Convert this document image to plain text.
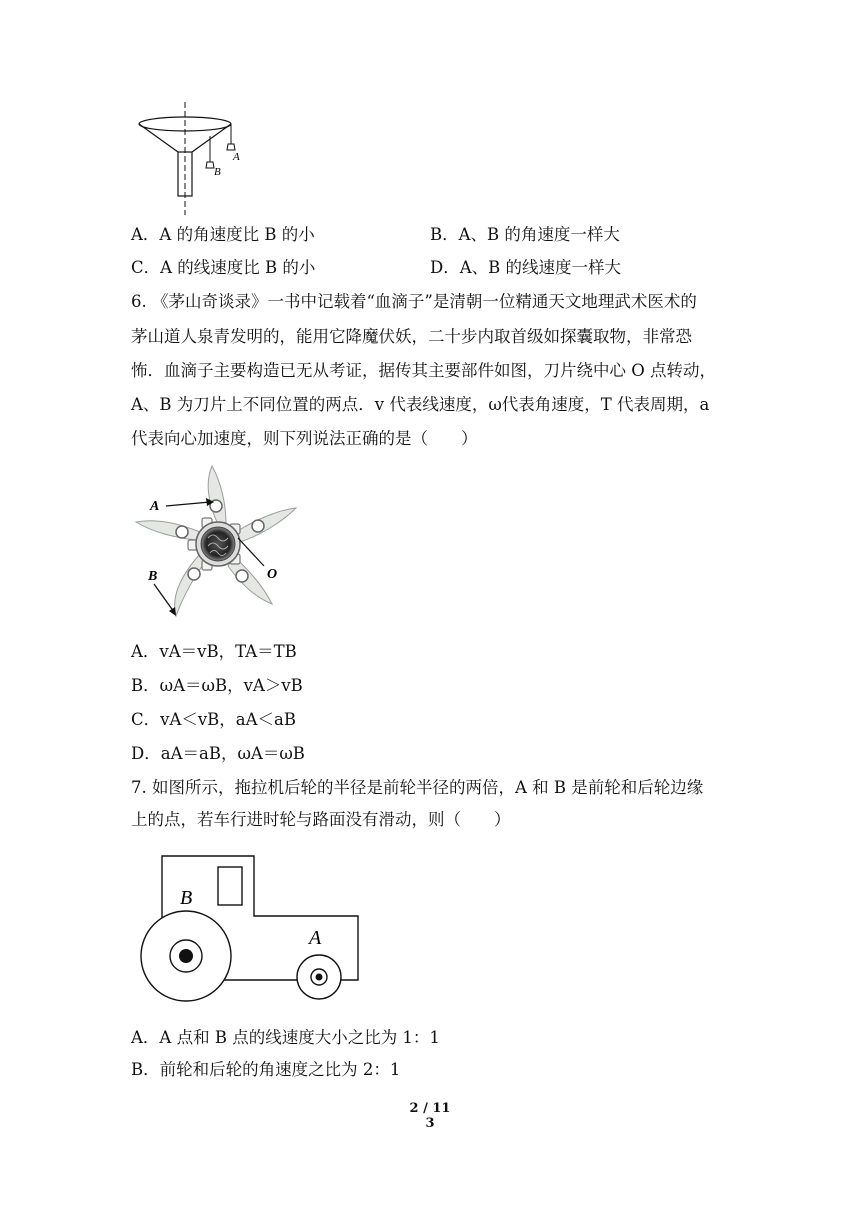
A
B
A．A 的角速度比 B 的小	B．A、B 的角速度一样大
C．A 的线速度比 B 的小	D．A、B 的线速度一样大
6. 《茅山奇谈录》一书中记载着“血滴子”是清朝一位精通天文地理武术医术的
茅山道人泉青发明的，能用它降魔伏妖，二十步内取首级如探囊取物，非常恐
怖．血滴子主要构造已无从考证，据传其主要部件如图，刀片绕中心 O 点转动，
A、B 为刀片上不同位置的两点．v 代表线速度，ω代表角速度，T 代表周期，a
代表向心加速度，则下列说法正确的是（　　）
A
O
B
A．vA＝vB，TA＝TB
B．ωA＝ωB，vA＞vB
C．vA＜vB，aA＜aB
D．aA＝aB，ωA＝ωB
7. 如图所示，拖拉机后轮的半径是前轮半径的两倍，A 和 B 是前轮和后轮边缘
上的点，若车行进时轮与路面没有滑动，则（　　）
B
A
A．A 点和 B 点的线速度大小之比为 1：1
B．前轮和后轮的角速度之比为 2：1
2 / 11
3
